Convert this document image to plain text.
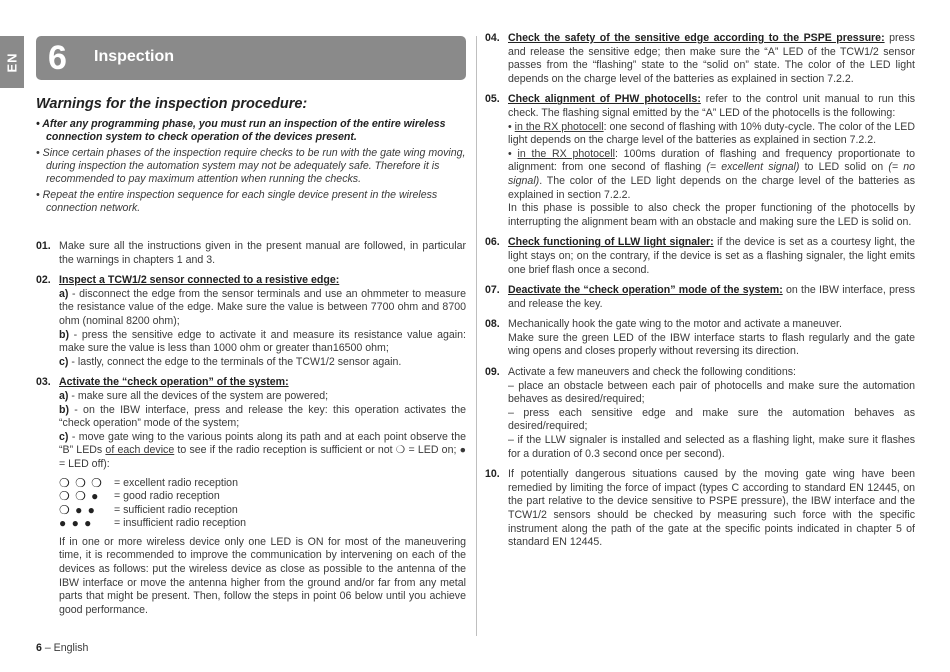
EN 6 Inspection
Warnings for the inspection procedure:

• After any programming phase, you must run an inspection of the entire wireless connection system to check operation of the devices present.

• Since certain phases of the inspection require checks to be run with the gate wing moving, during inspection the automation system may not be adequately safe. Therefore it is recommended to pay maximum attention when running the checks.

• Repeat the entire inspection sequence for each single device present in the wireless connection network.

01. Make sure all the instructions given in the present manual are followed, in particular the warnings in chapters 1 and 3.

02. Inspect a TCW1/2 sensor connected to a resistive edge:

a) - disconnect the edge from the sensor terminals and use an ohmmeter to measure the resistance value of the edge. Make sure the value is between 7700 ohm and 8700 ohm (nominal 8200 ohm);

b) - press the sensitive edge to activate it and measure its resistance value again: make sure the value is less than 1000 ohm or greater than16500 ohm;

c) - lastly, connect the edge to the terminals of the TCW1/2 sensor again.

03. Activate the “check operation” of the system:

a) - make sure all the devices of the system are powered;

b) - on the IBW interface, press and release the key: this operation activates the “check operation” mode of the system;

c) - move gate wing to the various points along its path and at each point observe the “B” LEDs of each device to see if the radio reception is sufficient or not ❍ = LED on; ● = LED off):

❍ ❍ ❍	= excellent radio reception
❍ ❍ ●	= good radio reception
❍ ● ●	= sufficient radio reception
● ● ●	= insufficient radio reception

If in one or more wireless device only one LED is ON for most of the maneuvering time, it is recommended to improve the communication by intervening on each of the devices as follows: put the wireless device as close as possible to the antenna of the IBW interface or move the antenna higher from the ground and/or far from any metal parts that might be present. Then, follow the steps in point 06 below until you achieve good performance.

04. Check the safety of the sensitive edge according to the PSPE pressure: press and release the sensitive edge; then make sure the “A” LED of the TCW1/2 sensor passes from the “flashing” state to the “solid on” state. The color of the LED light depends on the charge level of the batteries as explained in section 7.2.2.

05. Check alignment of PHW photocells: refer to the control unit manual to run this check. The flashing signal emitted by the “A” LED of the photocells is the following:

• in the RX photocell: one second of flashing with 10% duty-cycle. The color of the LED light depends on the charge level of the batteries as explained in section 7.2.2.

• in the RX photocell: 100ms duration of flashing and frequency proportionate to alignment: from one second of flashing (= excellent signal) to LED solid on (= no signal). The color of the LED light depends on the charge level of the batteries as explained in section 7.2.2.

In this phase is possible to also check the proper functioning of the photocells by interrupting the alignment beam with an obstacle and making sure the LED is solid on.

06. Check functioning of LLW light signaler: if the device is set as a courtesy light, the light stays on; on the contrary, if the device is set as a flashing signaler, the light emits one brief flash once a second.

07. Deactivate the “check operation” mode of the system: on the IBW interface, press and release the key.

08. Mechanically hook the gate wing to the motor and activate a maneuver.

Make sure the green LED of the IBW interface starts to flash regularly and the gate wing opens and closes properly without reversing its direction.

09. Activate a few maneuvers and check the following conditions:

– place an obstacle between each pair of photocells and make sure the automation behaves as desired/required;

– press each sensitive edge and make sure the automation behaves as desired/required;

– if the LLW signaler is installed and selected as a flashing light, make sure it flashes for a duration of 0.3 second once per second).

10. If potentially dangerous situations caused by the moving gate wing have been remedied by limiting the force of impact (types C according to standard EN 12445, on the part relative to the device sensitive to PSPE pressure), the IBW interface and the TCW1/2 sensors should be checked by measuring such force with the specific instrument along the path of the gate at the specific points indicated in chapter 5 of standard EN 12445.

6 – English
